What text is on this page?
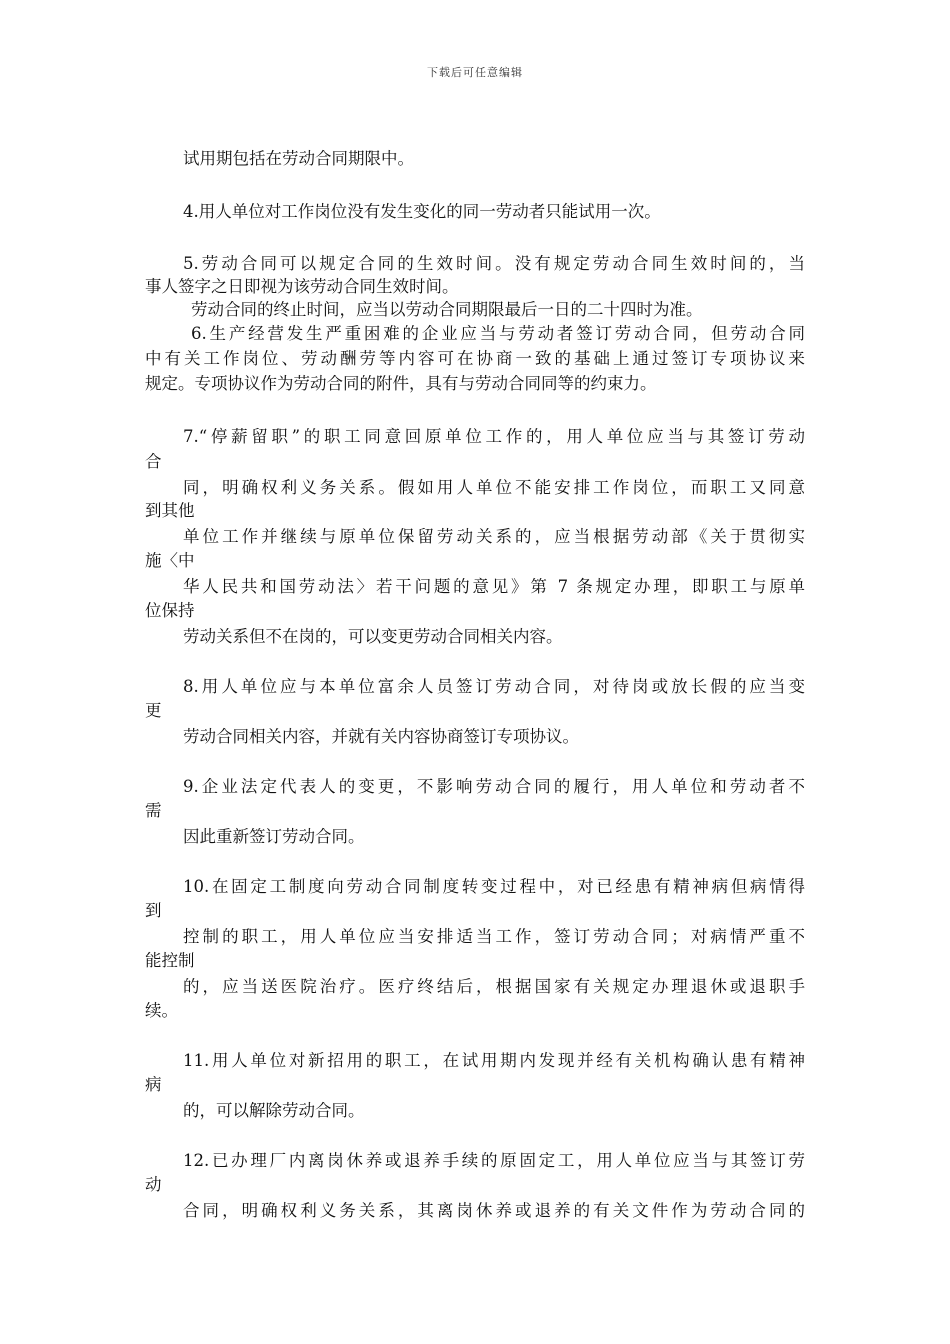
下载后可任意编辑
试用期包括在劳动合同期限中。
4.用人单位对工作岗位没有发生变化的同一劳动者只能试用一次。
5.劳动合同可以规定合同的生效时间。没有规定劳动合同生效时间的，当
事人签字之日即视为该劳动合同生效时间。
劳动合同的终止时间，应当以劳动合同期限最后一日的二十四时为准。
6.生产经营发生严重困难的企业应当与劳动者签订劳动合同，但劳动合同
中有关工作岗位、劳动酬劳等内容可在协商一致的基础上通过签订专项协议来
规定。专项协议作为劳动合同的附件，具有与劳动合同同等的约束力。
7.“停薪留职”的职工同意回原单位工作的，用人单位应当与其签订劳动
合
同，明确权利义务关系。假如用人单位不能安排工作岗位，而职工又同意
到其他
单位工作并继续与原单位保留劳动关系的，应当根据劳动部《关于贯彻实
施〈中
华人民共和国劳动法〉若干问题的意见》第 7 条规定办理，即职工与原单
位保持
劳动关系但不在岗的，可以变更劳动合同相关内容。
8.用人单位应与本单位富余人员签订劳动合同，对待岗或放长假的应当变
更
劳动合同相关内容，并就有关内容协商签订专项协议。
9.企业法定代表人的变更，不影响劳动合同的履行，用人单位和劳动者不
需
因此重新签订劳动合同。
10.在固定工制度向劳动合同制度转变过程中，对已经患有精神病但病情得
到
控制的职工，用人单位应当安排适当工作，签订劳动合同；对病情严重不
能控制
的，应当送医院治疗。医疗终结后，根据国家有关规定办理退休或退职手
续。
11.用人单位对新招用的职工，在试用期内发现并经有关机构确认患有精神
病
的，可以解除劳动合同。
12.已办理厂内离岗休养或退养手续的原固定工，用人单位应当与其签订劳
动
合同，明确权利义务关系，其离岗休养或退养的有关文件作为劳动合同的
